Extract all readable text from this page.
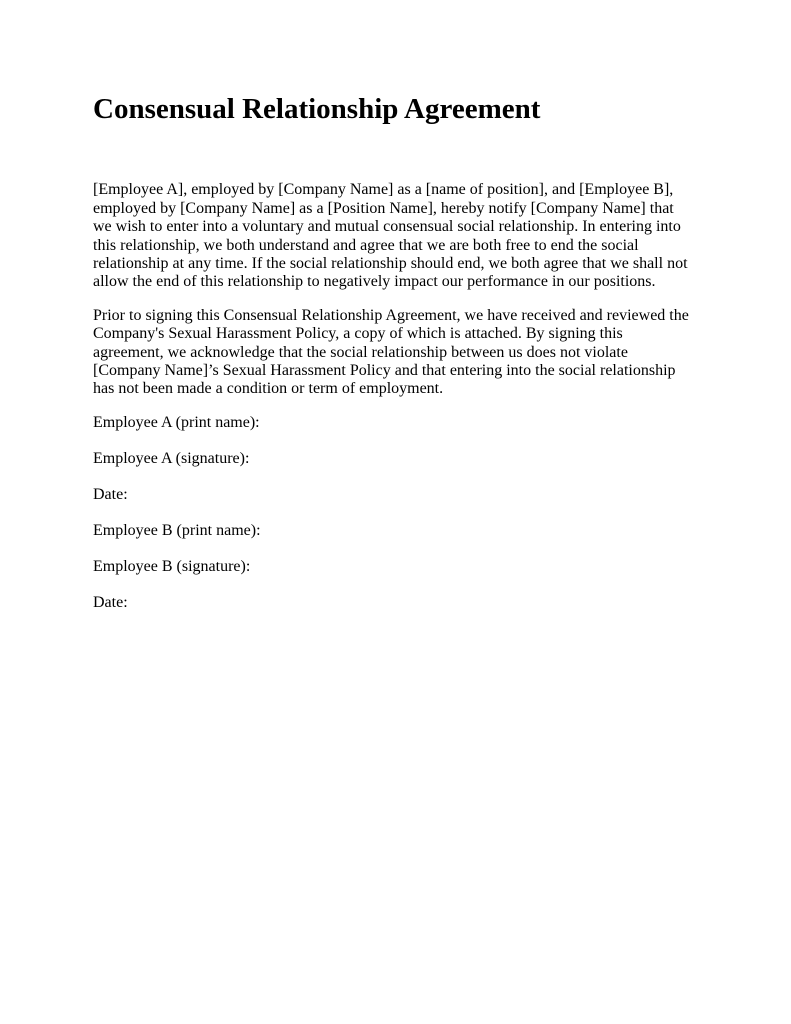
Consensual Relationship Agreement

[Employee A], employed by [Company Name] as a [name of position], and [Employee B], employed by [Company Name] as a [Position Name], hereby notify [Company Name] that we wish to enter into a voluntary and mutual consensual social relationship. In entering into this relationship, we both understand and agree that we are both free to end the social relationship at any time. If the social relationship should end, we both agree that we shall not allow the end of this relationship to negatively impact our performance in our positions.

Prior to signing this Consensual Relationship Agreement, we have received and reviewed the Company's Sexual Harassment Policy, a copy of which is attached. By signing this agreement, we acknowledge that the social relationship between us does not violate [Company Name]’s Sexual Harassment Policy and that entering into the social relationship has not been made a condition or term of employment.

Employee A (print name):

Employee A (signature):

Date:

Employee B (print name):

Employee B (signature):

Date:
